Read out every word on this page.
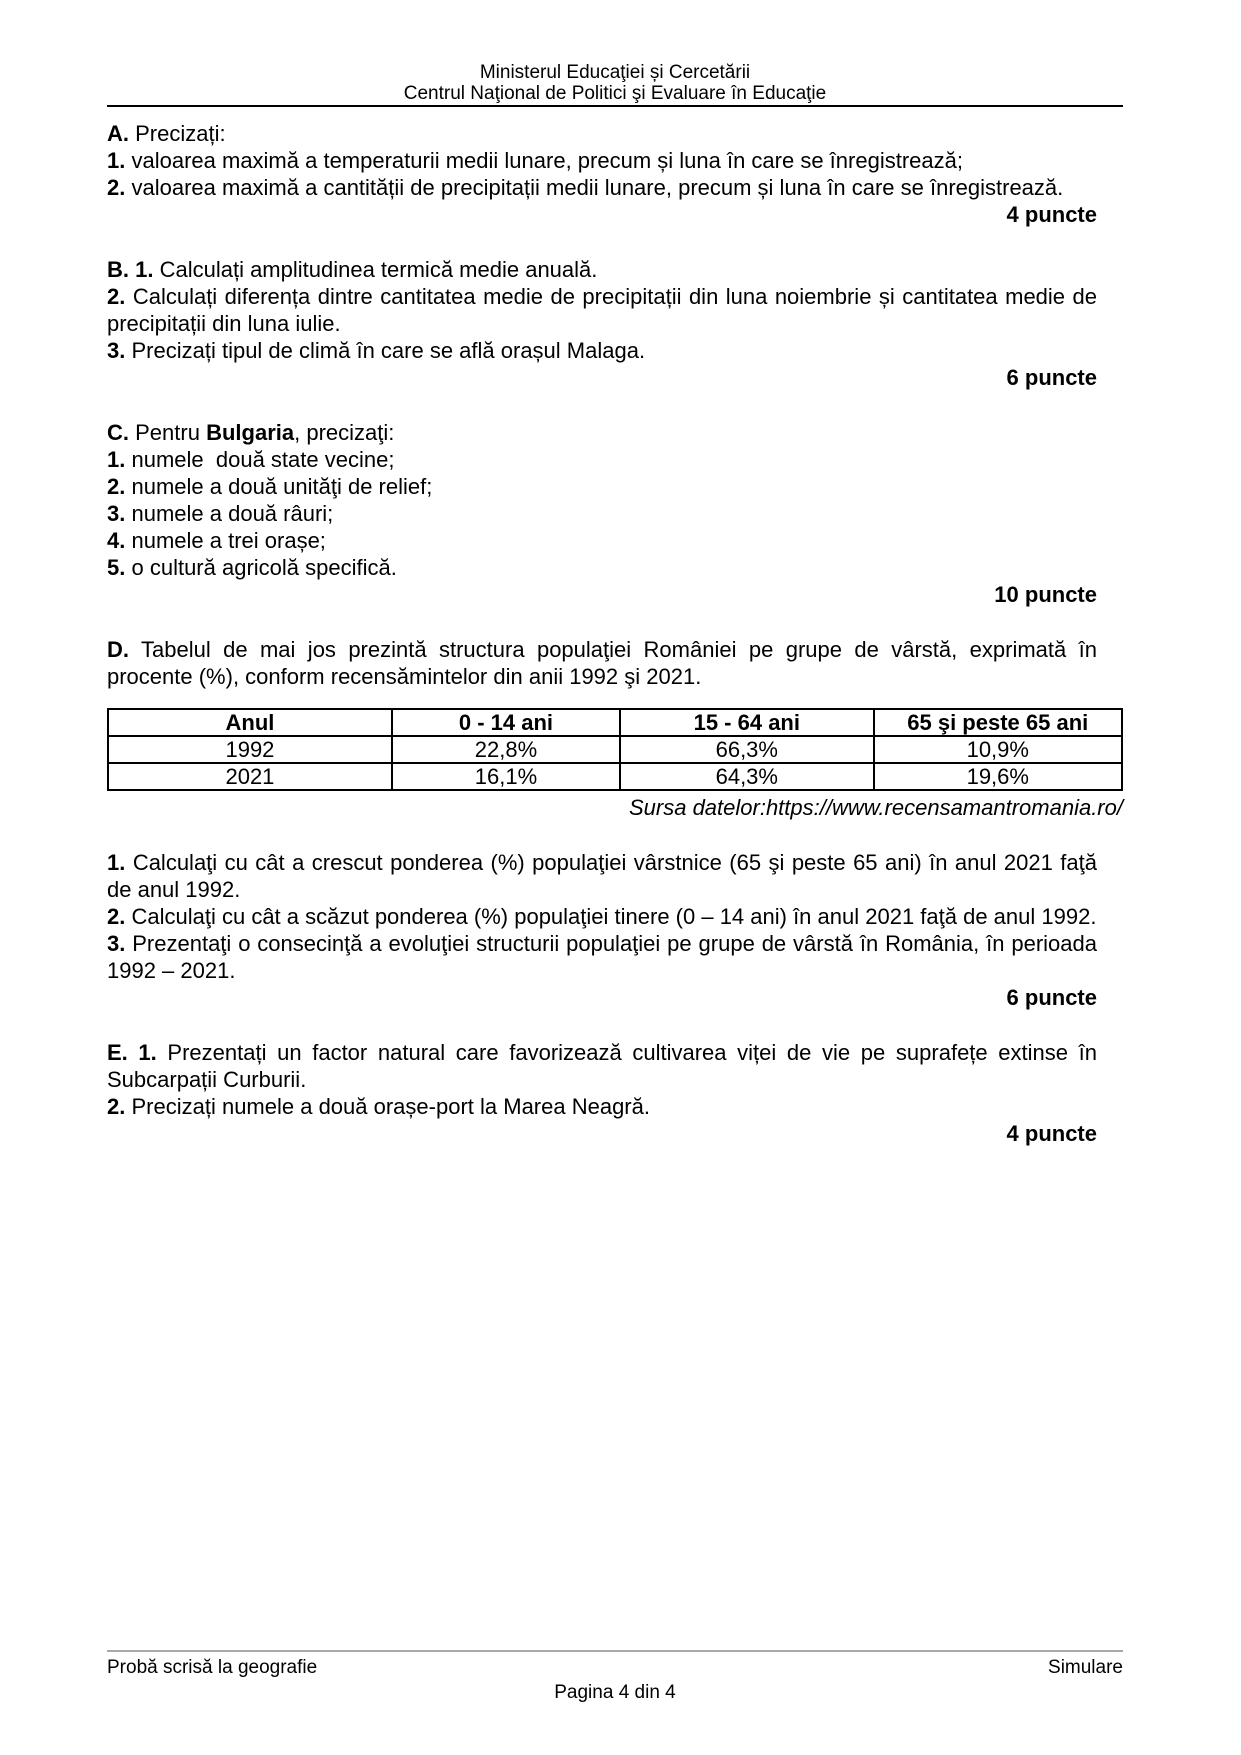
Ministerul Educaţiei și Cercetării
Centrul Naţional de Politici şi Evaluare în Educaţie

A. Precizați:

1. valoarea maximă a temperaturii medii lunare, precum și luna în care se înregistrează;

2. valoarea maximă a cantității de precipitații medii lunare, precum și luna în care se înregistrează.

4 puncte

B. 1. Calculați amplitudinea termică medie anuală.

2. Calculați diferența dintre cantitatea medie de precipitații din luna noiembrie și cantitatea medie de precipitații din luna iulie.

3. Precizați tipul de climă în care se află orașul Malaga.

6 puncte

C. Pentru Bulgaria, precizaţi:

1. numele  două state vecine;

2. numele a două unităţi de relief;

3. numele a două râuri;

4. numele a trei orașe;

5. o cultură agricolă specifică.

10 puncte

D. Tabelul de mai jos prezintă structura populaţiei României pe grupe de vârstă, exprimată în procente (%), conform recensămintelor din anii 1992 şi 2021.

Anul	0 - 14 ani	15 - 64 ani	65 şi peste 65 ani
1992	22,8%	66,3%	10,9%
2021	16,1%	64,3%	19,6%

Sursa datelor:https://www.recensamantromania.ro/

1. Calculaţi cu cât a crescut ponderea (%) populaţiei vârstnice (65 şi peste 65 ani) în anul 2021 faţă de anul 1992.

2. Calculaţi cu cât a scăzut ponderea (%) populaţiei tinere (0 – 14 ani) în anul 2021 faţă de anul 1992.

3. Prezentaţi o consecinţă a evoluţiei structurii populaţiei pe grupe de vârstă în România, în perioada 1992 – 2021.

6 puncte

E. 1. Prezentați un factor natural care favorizează cultivarea viței de vie pe suprafețe extinse în Subcarpații Curburii.

2. Precizați numele a două orașe-port la Marea Neagră.

4 puncte

Probă scrisă la geografie	Simulare
Pagina 4 din 4
